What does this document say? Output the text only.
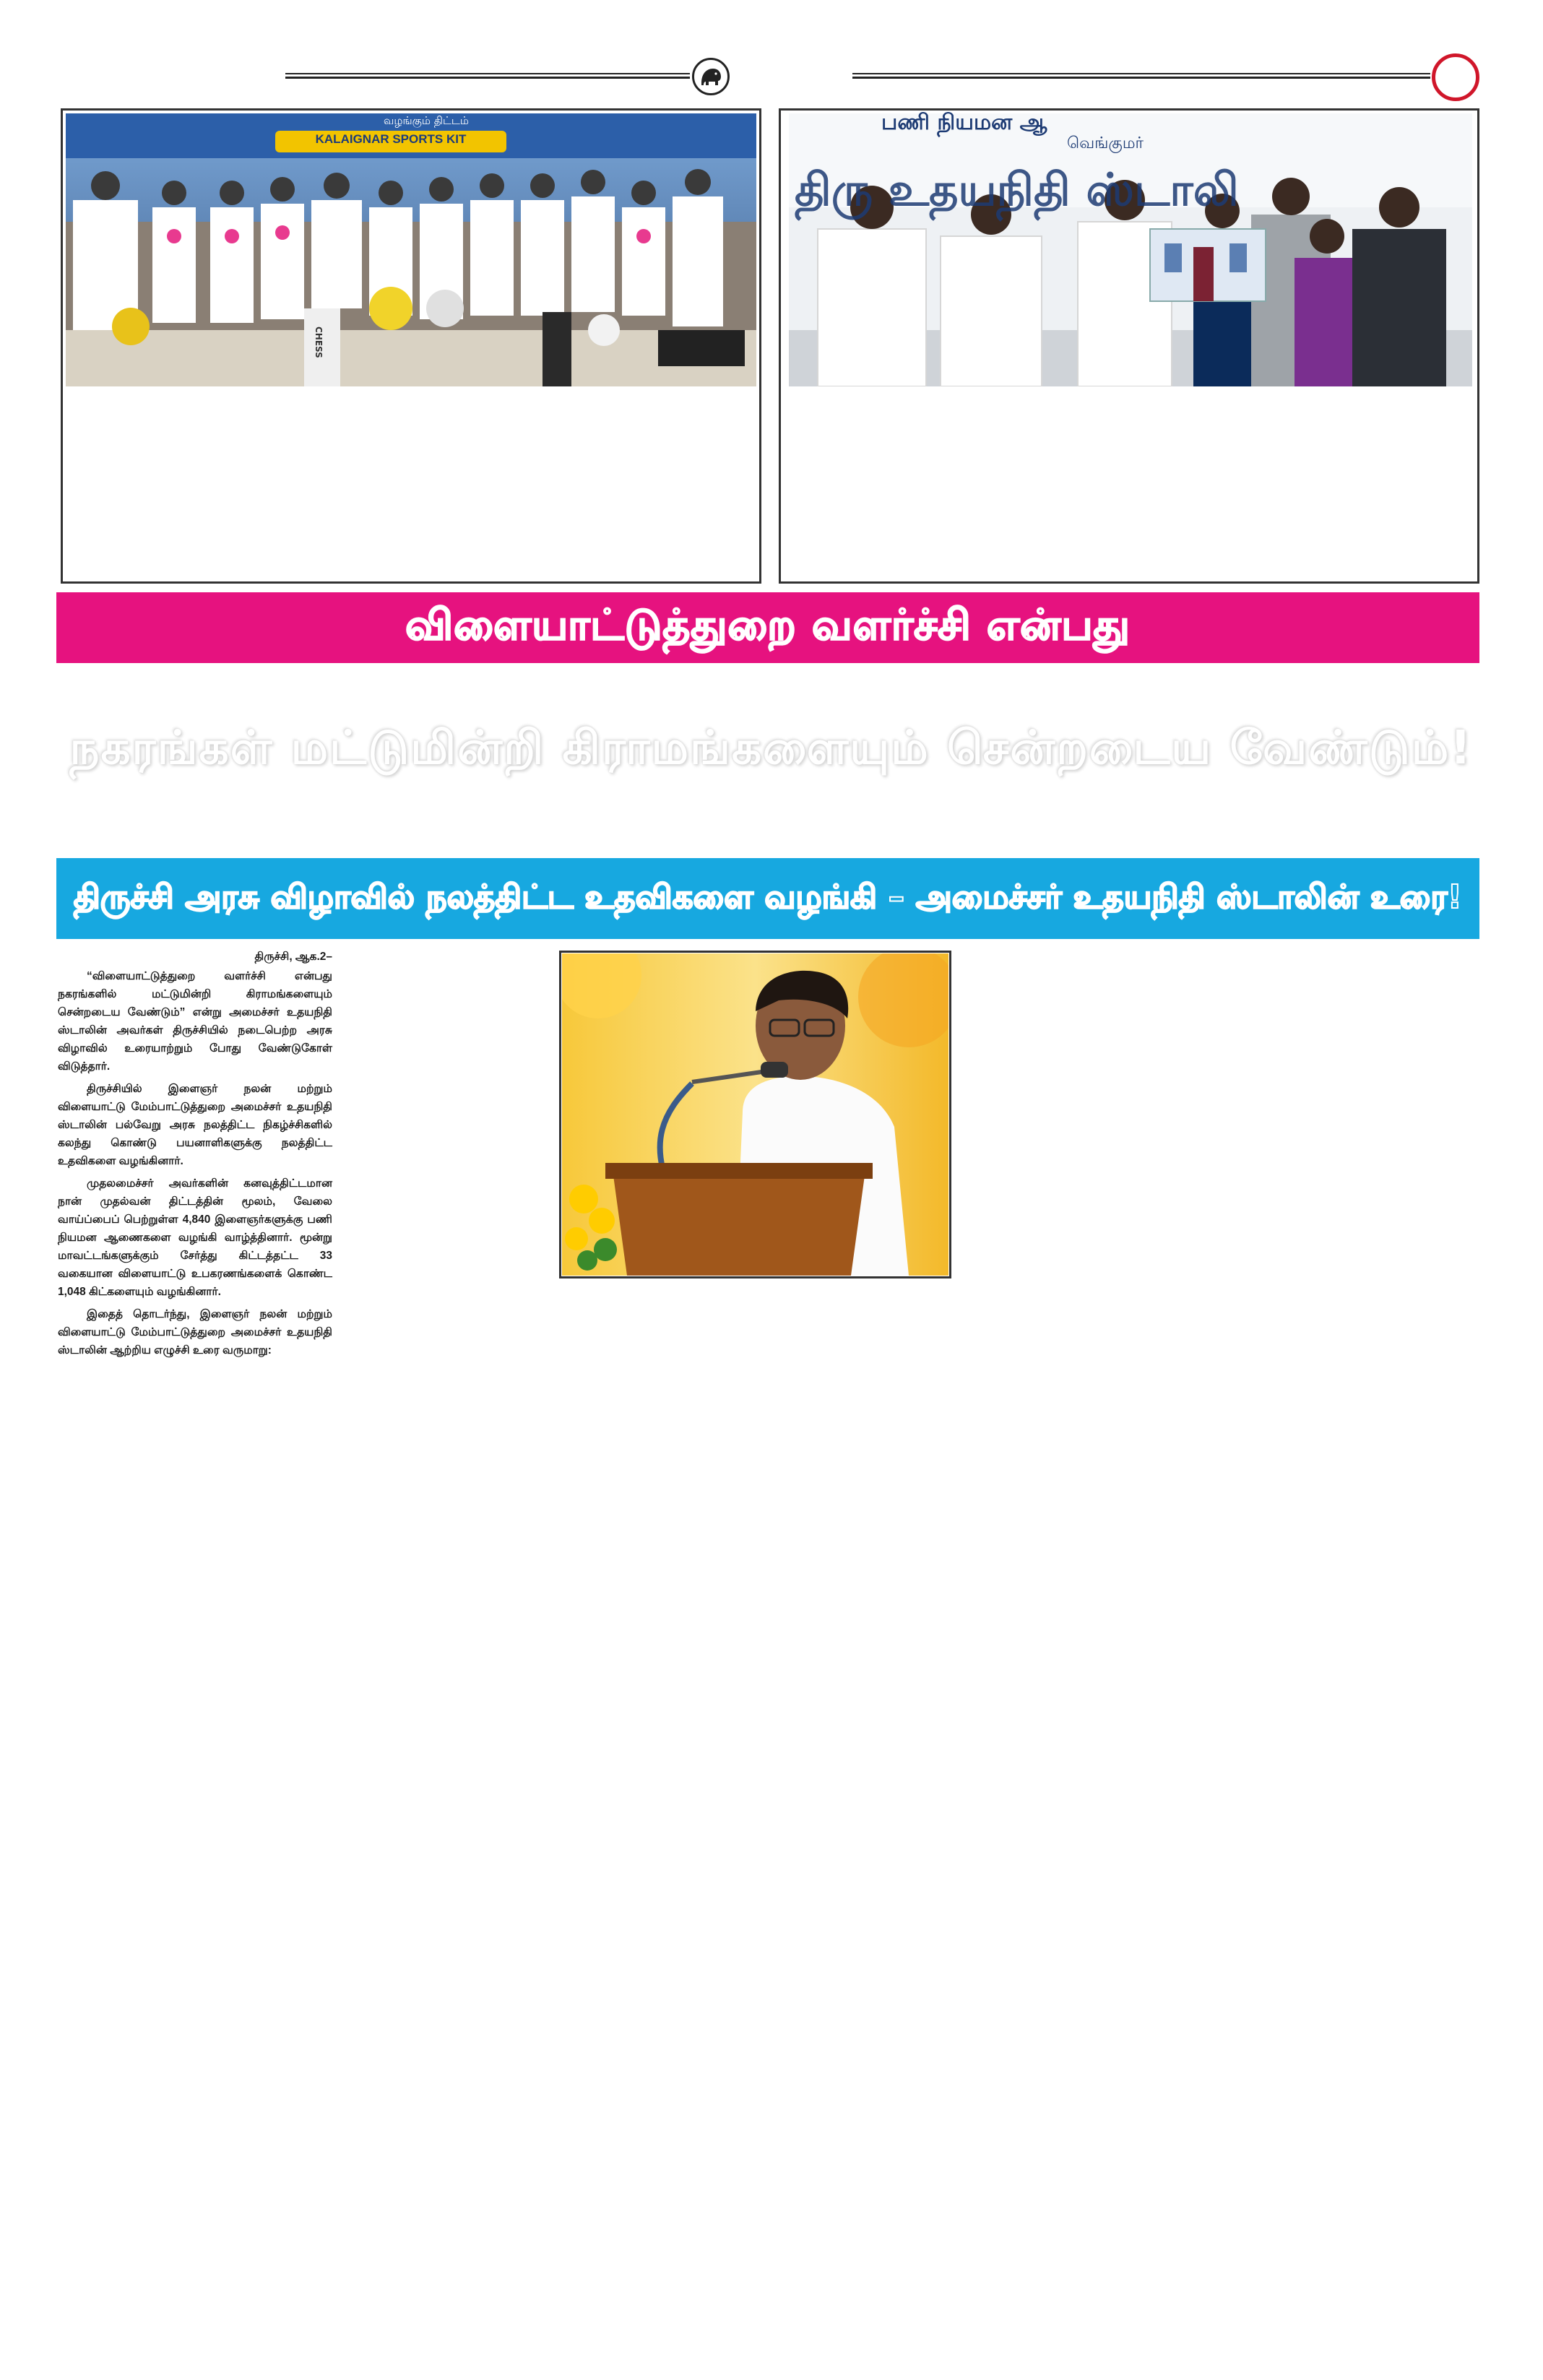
வழங்கும் திட்டம்
KALAIGNAR SPORTS KIT
CHESS
பணி நியமன ஆ
வெங்குமர்
திரு உதயநிதி ஸ்டாலி
விளையாட்டுத்துறை வளர்ச்சி என்பது
நகரங்கள் மட்டுமின்றி கிராமங்களையும் சென்றடைய வேண்டும்!
திருச்சி அரசு விழாவில் நலத்திட்ட உதவிகளை வழங்கி – அமைச்சர் உதயநிதி ஸ்டாலின் உரை!
திருச்சி, ஆக.2–

“விளையாட்டுத்துறை வளர்ச்சி என்பது நகரங்களில் மட்டுமின்றி கிராமங்களையும் சென்றடைய வேண்டும்” என்று அமைச்சர் உதயநிதி ஸ்டாலின் அவர்கள் திருச்சியில் நடைபெற்ற அரசு விழாவில் உரையாற்றும் போது வேண்டுகோள் விடுத்தார்.

திருச்சியில் இளைஞர் நலன் மற்றும் விளையாட்டு மேம்பாட்டுத்துறை அமைச்சர் உதயநிதி ஸ்டாலின் பல்வேறு அரசு நலத்திட்ட நிகழ்ச்சிகளில் கலந்து கொண்டு பயனாளிகளுக்கு நலத்திட்ட உதவிகளை வழங்கினார்.

முதலமைச்சர் அவர்களின் கனவுத்திட்டமான நான் முதல்வன் திட்டத்தின் மூலம், வேலை வாய்ப்பைப் பெற்றுள்ள 4,840 இளைஞர்களுக்கு பணி நியமன ஆணைகளை வழங்கி வாழ்த்தினார். மூன்று மாவட்டங்களுக்கும் சேர்த்து கிட்டத்தட்ட 33 வகையான விளையாட்டு உபகரணங்களைக் கொண்ட 1,048 கிட்களையும் வழங்கினார்.

இதைத் தொடர்ந்து, இளைஞர் நலன் மற்றும் விளையாட்டு மேம்பாட்டுத்துறை அமைச்சர் உதயநிதி ஸ்டாலின் ஆற்றிய எழுச்சி உரை வருமாறு:
